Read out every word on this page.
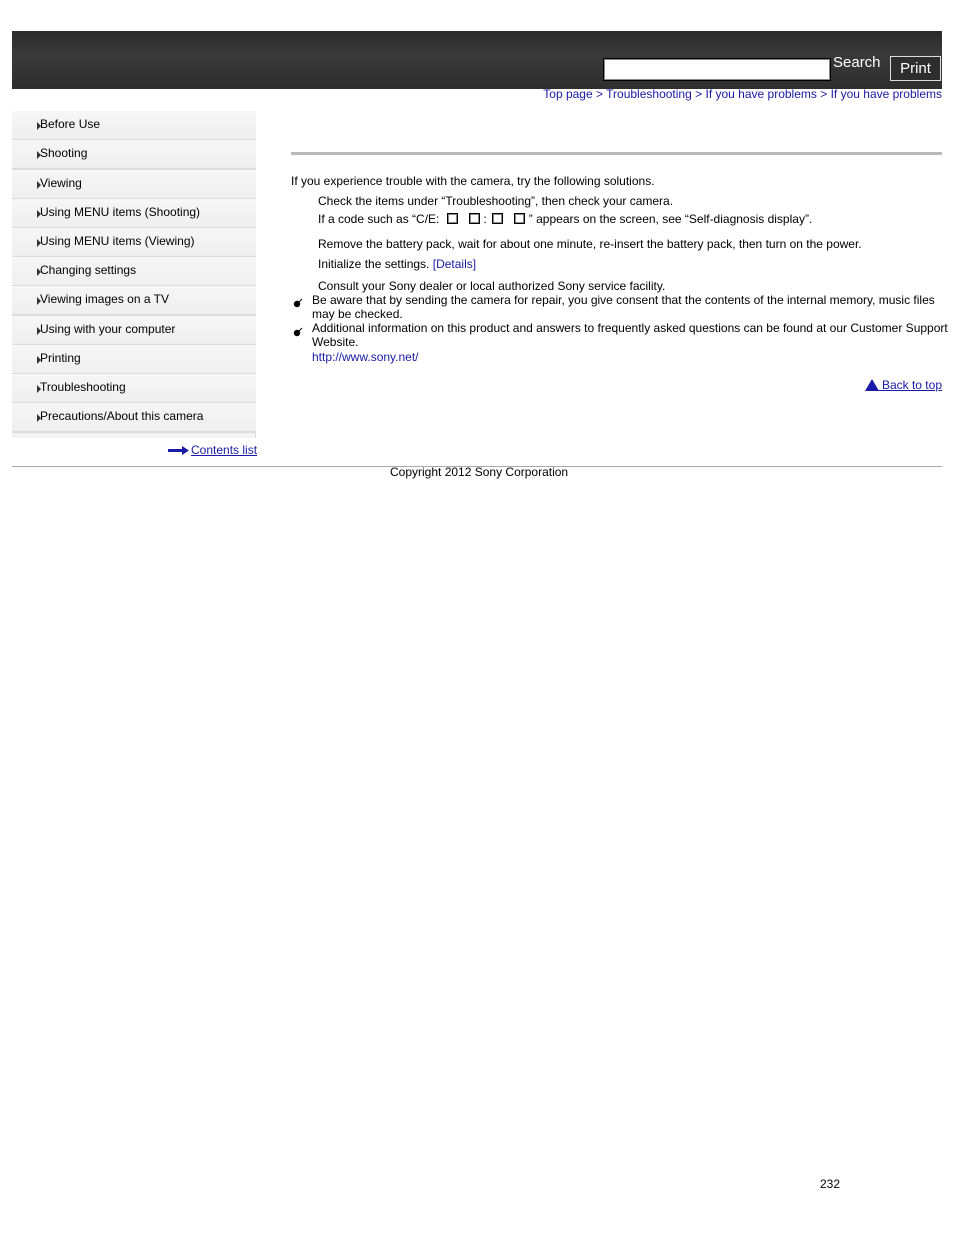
Search	Print
Top page > Troubleshooting > If you have problems > If you have problems
Before Use
Shooting
Viewing
Using MENU items (Shooting)
Using MENU items (Viewing)
Changing settings
Viewing images on a TV
Using with your computer
Printing
Troubleshooting
Precautions/About this camera
Contents list
If you experience trouble with the camera, try the following solutions.
Check the items under “Troubleshooting”, then check your camera.
If a code such as “C/E:	:	” appears on the screen, see “Self-diagnosis display”.
Remove the battery pack, wait for about one minute, re-insert the battery pack, then turn on the power.
Initialize the settings. [Details]
Consult your Sony dealer or local authorized Sony service facility.
Be aware that by sending the camera for repair, you give consent that the contents of the internal memory, music files
may be checked.
Additional information on this product and answers to frequently asked questions can be found at our Customer Support
Website.
http://www.sony.net/
Back to top
Copyright 2012 Sony Corporation
232
